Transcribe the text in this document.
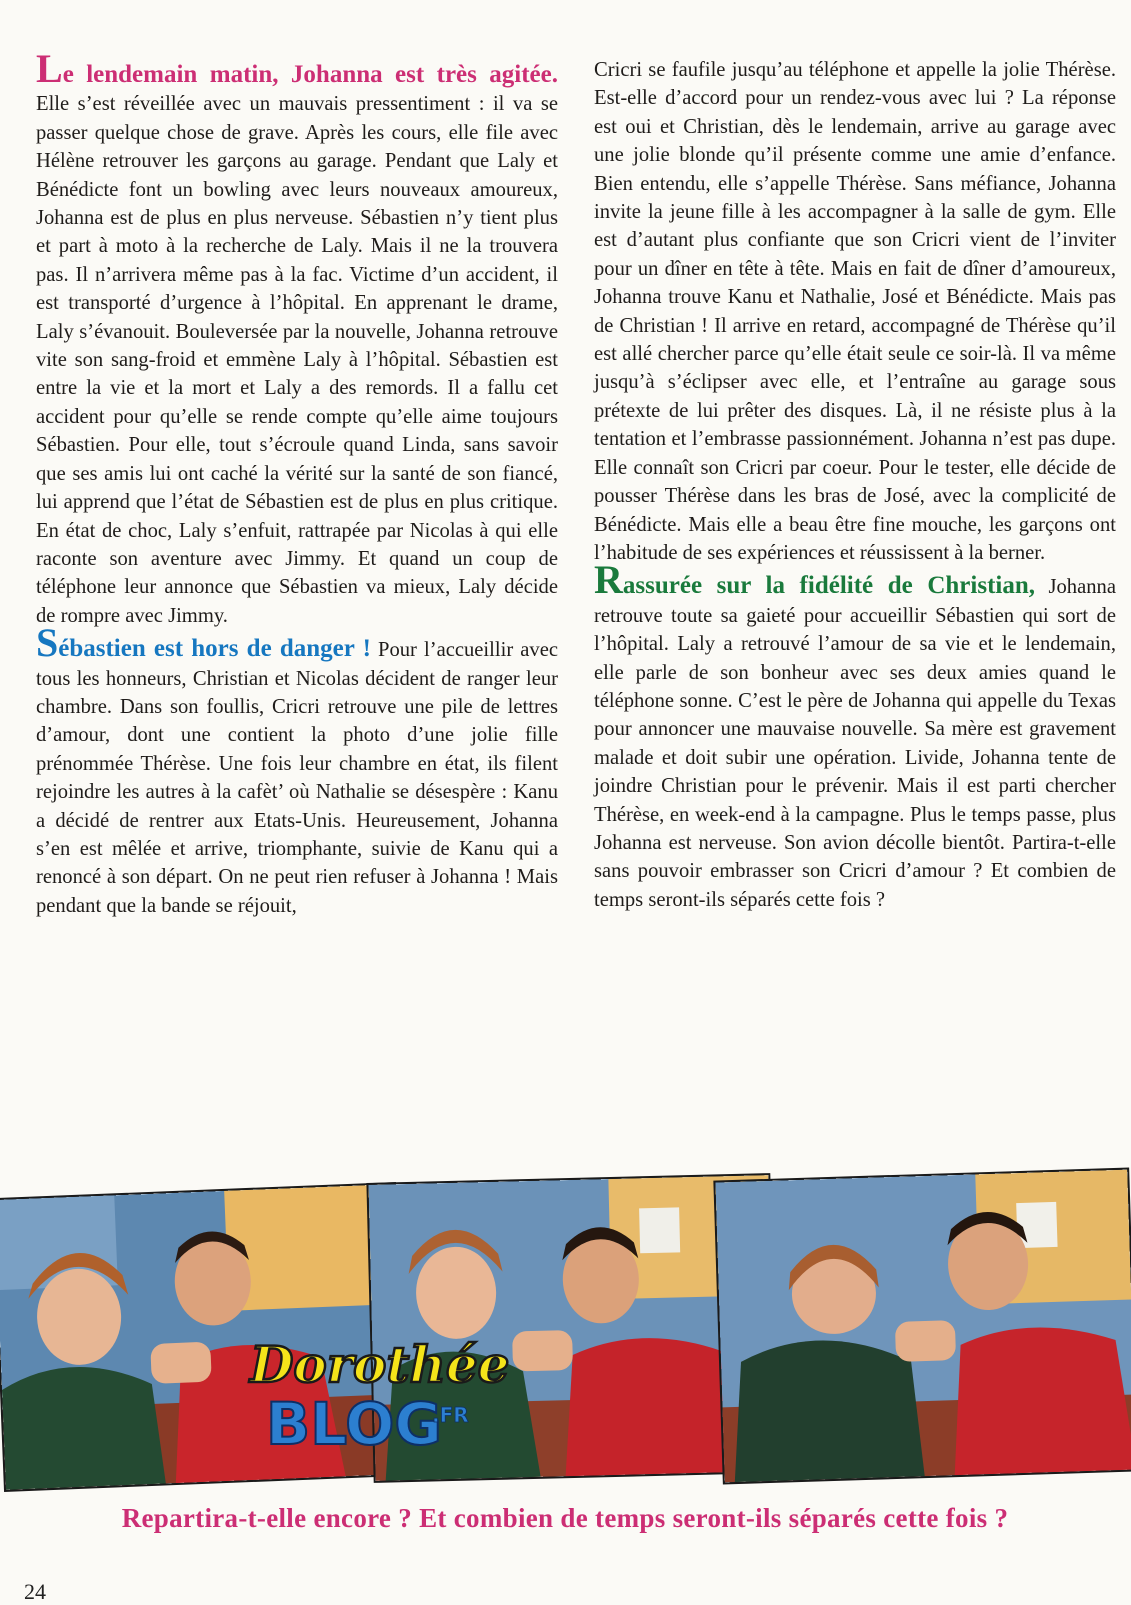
Le lendemain matin, Johanna est très agitée. Elle s’est réveillée avec un mauvais pressentiment : il va se passer quelque chose de grave. Après les cours, elle file avec Hélène retrouver les garçons au garage. Pendant que Laly et Bénédicte font un bowling avec leurs nouveaux amoureux, Johanna est de plus en plus nerveuse. Sébastien n’y tient plus et part à moto à la recherche de Laly. Mais il ne la trouvera pas. Il n’arrivera même pas à la fac. Victime d’un accident, il est transporté d’urgence à l’hôpital. En apprenant le drame, Laly s’évanouit. Bouleversée par la nouvelle, Johanna retrouve vite son sang-froid et emmène Laly à l’hôpital. Sébastien est entre la vie et la mort et Laly a des remords. Il a fallu cet accident pour qu’elle se rende compte qu’elle aime toujours Sébastien. Pour elle, tout s’écroule quand Linda, sans savoir que ses amis lui ont caché la vérité sur la santé de son fiancé, lui apprend que l’état de Sébastien est de plus en plus critique. En état de choc, Laly s’enfuit, rattrapée par Nicolas à qui elle raconte son aventure avec Jimmy. Et quand un coup de téléphone leur annonce que Sébastien va mieux, Laly décide de rompre avec Jimmy.

Sébastien est hors de danger ! Pour l’accueillir avec tous les honneurs, Christian et Nicolas décident de ranger leur chambre. Dans son foullis, Cricri retrouve une pile de lettres d’amour, dont une contient la photo d’une jolie fille prénommée Thérèse. Une fois leur chambre en état, ils filent rejoindre les autres à la cafèt’ où Nathalie se désespère : Kanu a décidé de rentrer aux Etats-Unis. Heureusement, Johanna s’en est mêlée et arrive, triomphante, suivie de Kanu qui a renoncé à son départ. On ne peut rien refuser à Johanna ! Mais pendant que la bande se réjouit,

Cricri se faufile jusqu’au téléphone et appelle la jolie Thérèse. Est-elle d’accord pour un rendez-vous avec lui ? La réponse est oui et Christian, dès le lendemain, arrive au garage avec une jolie blonde qu’il présente comme une amie d’enfance. Bien entendu, elle s’appelle Thérèse. Sans méfiance, Johanna invite la jeune fille à les accompagner à la salle de gym. Elle est d’autant plus confiante que son Cricri vient de l’inviter pour un dîner en tête à tête. Mais en fait de dîner d’amoureux, Johanna trouve Kanu et Nathalie, José et Bénédicte. Mais pas de Christian ! Il arrive en retard, accompagné de Thérèse qu’il est allé chercher parce qu’elle était seule ce soir-là. Il va même jusqu’à s’éclipser avec elle, et l’entraîne au garage sous prétexte de lui prêter des disques. Là, il ne résiste plus à la tentation et l’embrasse passionnément. Johanna n’est pas dupe. Elle connaît son Cricri par coeur. Pour le tester, elle décide de pousser Thérèse dans les bras de José, avec la complicité de Bénédicte. Mais elle a beau être fine mouche, les garçons ont l’habitude de ses expériences et réussissent à la berner.

Rassurée sur la fidélité de Christian, Johanna retrouve toute sa gaieté pour accueillir Sébastien qui sort de l’hôpital. Laly a retrouvé l’amour de sa vie et le lendemain, elle parle de son bonheur avec ses deux amies quand le téléphone sonne. C’est le père de Johanna qui appelle du Texas pour annoncer une mauvaise nouvelle. Sa mère est gravement malade et doit subir une opération. Livide, Johanna tente de joindre Christian pour le prévenir. Mais il est parti chercher Thérèse, en week-end à la campagne. Plus le temps passe, plus Johanna est nerveuse. Son avion décolle bientôt. Partira-t-elle sans pouvoir embrasser son Cricri d’amour ? Et combien de temps seront-ils séparés cette fois ?

Dorothée
BLOG
.FR
Repartira-t-elle encore ? Et combien de temps seront-ils séparés cette fois ?
24
